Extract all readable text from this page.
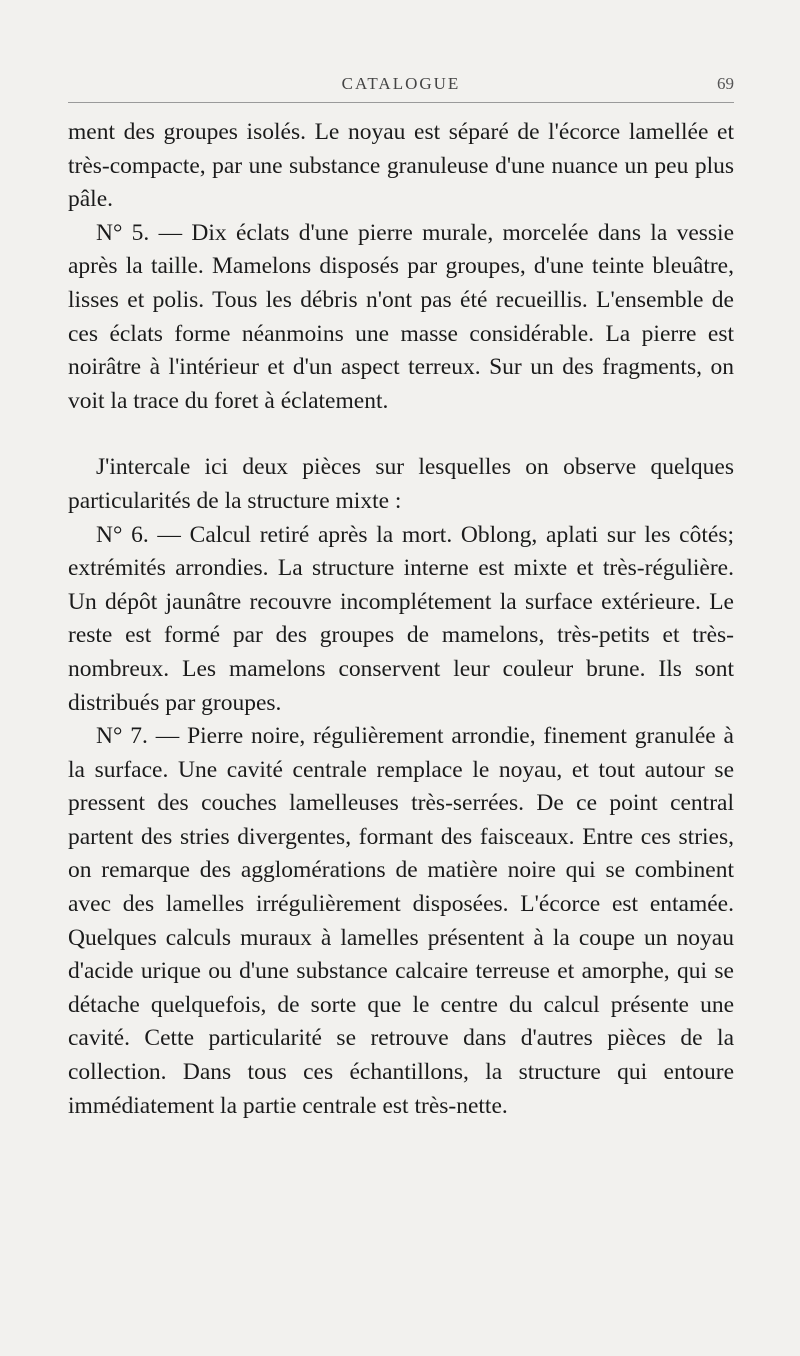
CATALOGUE	69

ment des groupes isolés. Le noyau est séparé de l'écorce lamellée et très-compacte, par une substance granuleuse d'une nuance un peu plus pâle.

N° 5. — Dix éclats d'une pierre murale, morcelée dans la vessie après la taille. Mamelons disposés par groupes, d'une teinte bleuâtre, lisses et polis. Tous les débris n'ont pas été recueillis. L'ensemble de ces éclats forme néanmoins une masse considérable. La pierre est noirâtre à l'intérieur et d'un aspect terreux. Sur un des fragments, on voit la trace du foret à éclatement.

J'intercale ici deux pièces sur lesquelles on observe quelques particularités de la structure mixte :

N° 6. — Calcul retiré après la mort. Oblong, aplati sur les côtés; extrémités arrondies. La structure interne est mixte et très-régulière. Un dépôt jaunâtre recouvre incomplétement la surface extérieure. Le reste est formé par des groupes de mamelons, très-petits et très-nombreux. Les mamelons conservent leur couleur brune. Ils sont distribués par groupes.

N° 7. — Pierre noire, régulièrement arrondie, finement granulée à la surface. Une cavité centrale remplace le noyau, et tout autour se pressent des couches lamelleuses très-serrées. De ce point central partent des stries divergentes, formant des faisceaux. Entre ces stries, on remarque des agglomérations de matière noire qui se combinent avec des lamelles irrégulièrement disposées. L'écorce est entamée. Quelques calculs muraux à lamelles présentent à la coupe un noyau d'acide urique ou d'une substance calcaire terreuse et amorphe, qui se détache quelquefois, de sorte que le centre du calcul présente une cavité. Cette particularité se retrouve dans d'autres pièces de la collection. Dans tous ces échantillons, la structure qui entoure immédiatement la partie centrale est très-nette.
